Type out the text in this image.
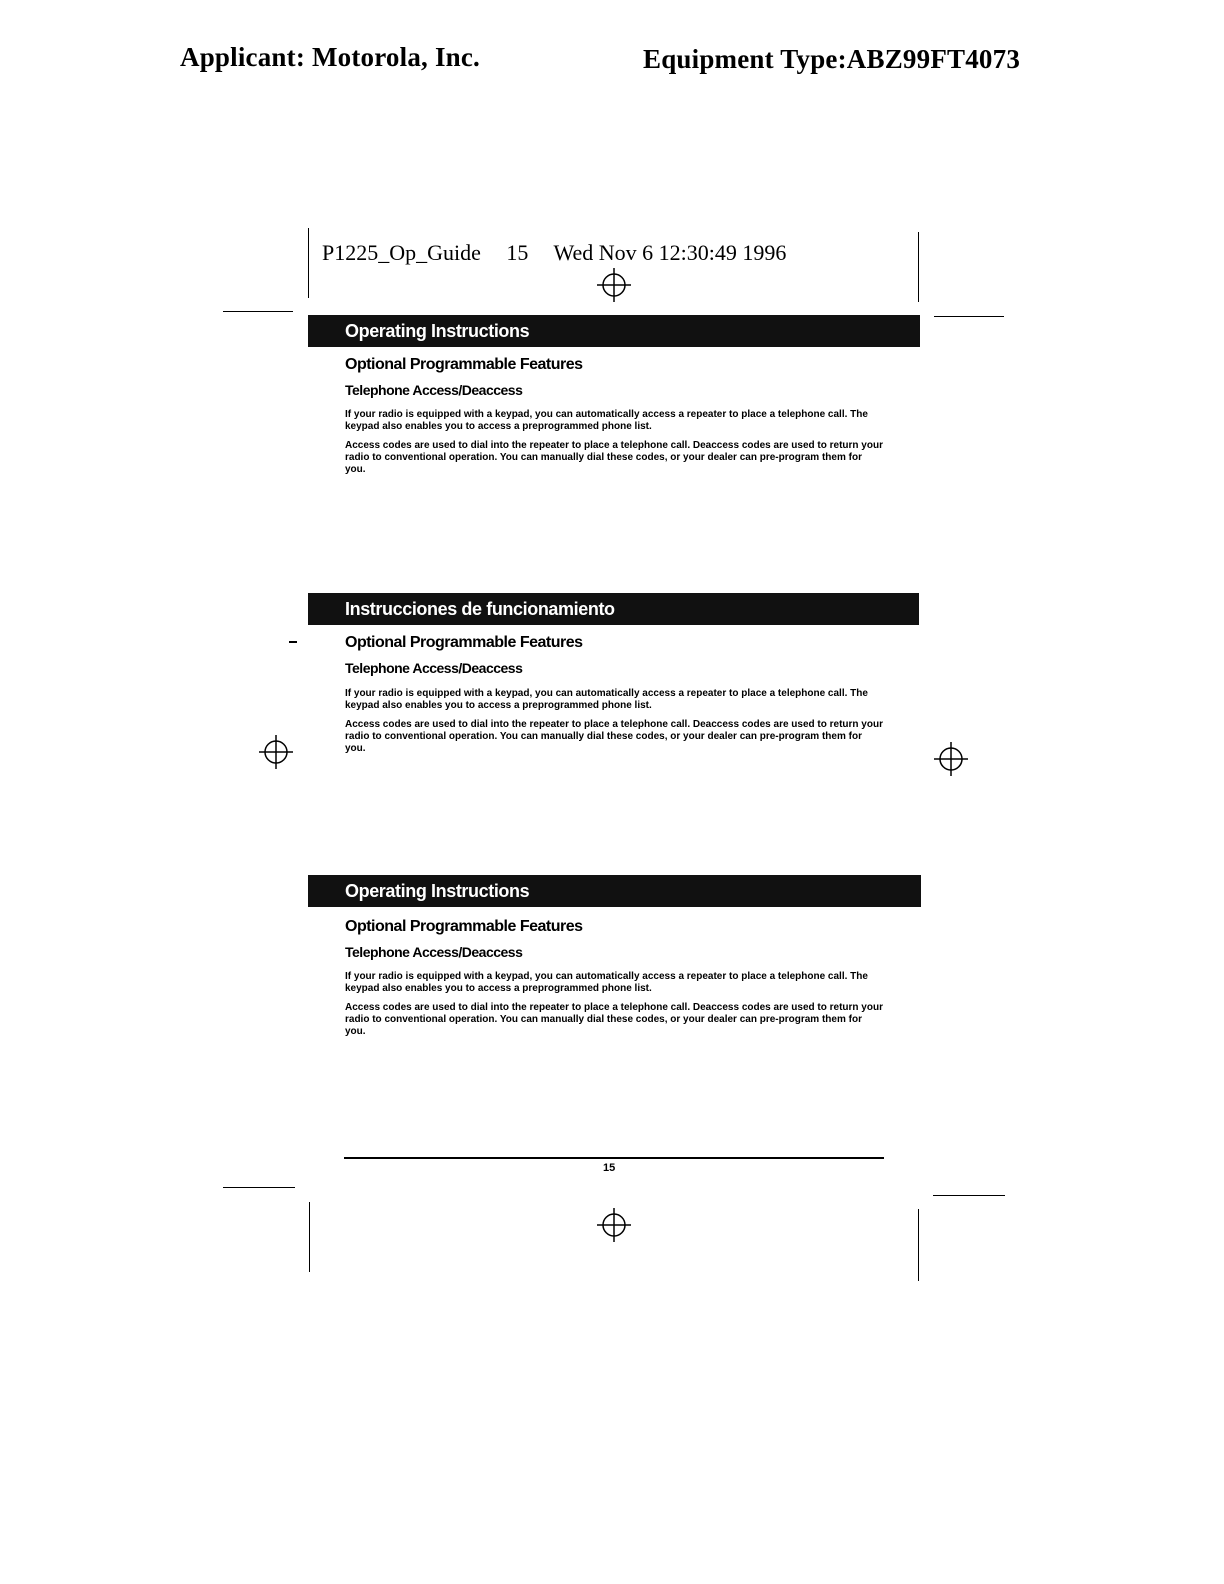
Applicant: Motorola, Inc.	Equipment Type:ABZ99FT4073
P1225_Op_Guide 15 Wed Nov 6 12:30:49 1996
Operating Instructions
Optional Programmable Features
Telephone Access/Deaccess

If your radio is equipped with a keypad, you can automatically access a repeater to place a telephone call. The keypad also enables you to access a preprogrammed phone list.

Access codes are used to dial into the repeater to place a telephone call. Deaccess codes are used to return your radio to conventional operation. You can manually dial these codes, or your dealer can pre-program them for you.

Instrucciones de funcionamiento
Optional Programmable Features
Telephone Access/Deaccess

If your radio is equipped with a keypad, you can automatically access a repeater to place a telephone call. The keypad also enables you to access a preprogrammed phone list.

Access codes are used to dial into the repeater to place a telephone call. Deaccess codes are used to return your radio to conventional operation. You can manually dial these codes, or your dealer can pre-program them for you.

Operating Instructions
Optional Programmable Features
Telephone Access/Deaccess

If your radio is equipped with a keypad, you can automatically access a repeater to place a telephone call. The keypad also enables you to access a preprogrammed phone list.

Access codes are used to dial into the repeater to place a telephone call. Deaccess codes are used to return your radio to conventional operation. You can manually dial these codes, or your dealer can pre-program them for you.

15
